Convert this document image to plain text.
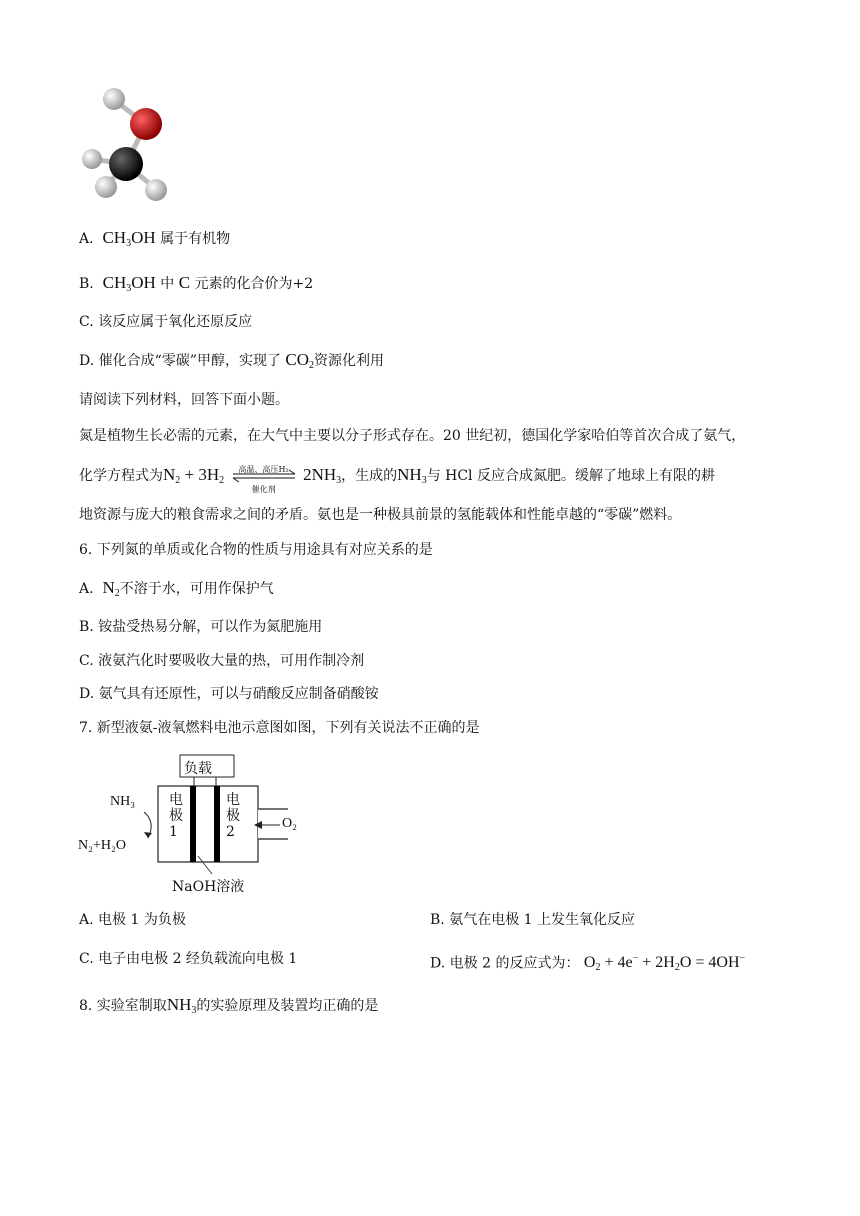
A. $CH_3OH$ 属于有机物
B. $CH_3OH$ 中 C 元素的化合价为+2
C. 该反应属于氧化还原反应
D. 催化合成“零碳”甲醇，实现了 $CO_2$资源化利用
请阅读下列材料，回答下面小题。
氮是植物生长必需的元素，在大气中主要以分子形式存在。20 世纪初，德国化学家哈伯等首次合成了氨气，
化学方程式为$N_2 + 3H_2$
高温、高压H₂
催化剂
$2NH_3$，生成的$NH_3$与 HCl 反应合成氮肥。缓解了地球上有限的耕
地资源与庞大的粮食需求之间的矛盾。氨也是一种极具前景的氢能载体和性能卓越的“零碳”燃料。
6. 下列氮的单质或化合物的性质与用途具有对应关系的是
A. $N_2$不溶于水，可用作保护气
B. 铵盐受热易分解，可以作为氮肥施用
C. 液氨汽化时要吸收大量的热，可用作制冷剂
D. 氨气具有还原性，可以与硝酸反应制备硝酸铵
7. 新型液氨-液氧燃料电池示意图如图，下列有关说法不正确的是
负载
电极1
电极2
NH₃
N₂+H₂O
O₂
NaOH溶液
A. 电极 1 为负极	B. 氨气在电极 1 上发生氧化反应
C. 电子由电极 2 经负载流向电极 1	D. 电极 2 的反应式为： $O_2 + 4e^- + 2H_2O = 4OH^-$
8. 实验室制取$NH_3$的实验原理及装置均正确的是
